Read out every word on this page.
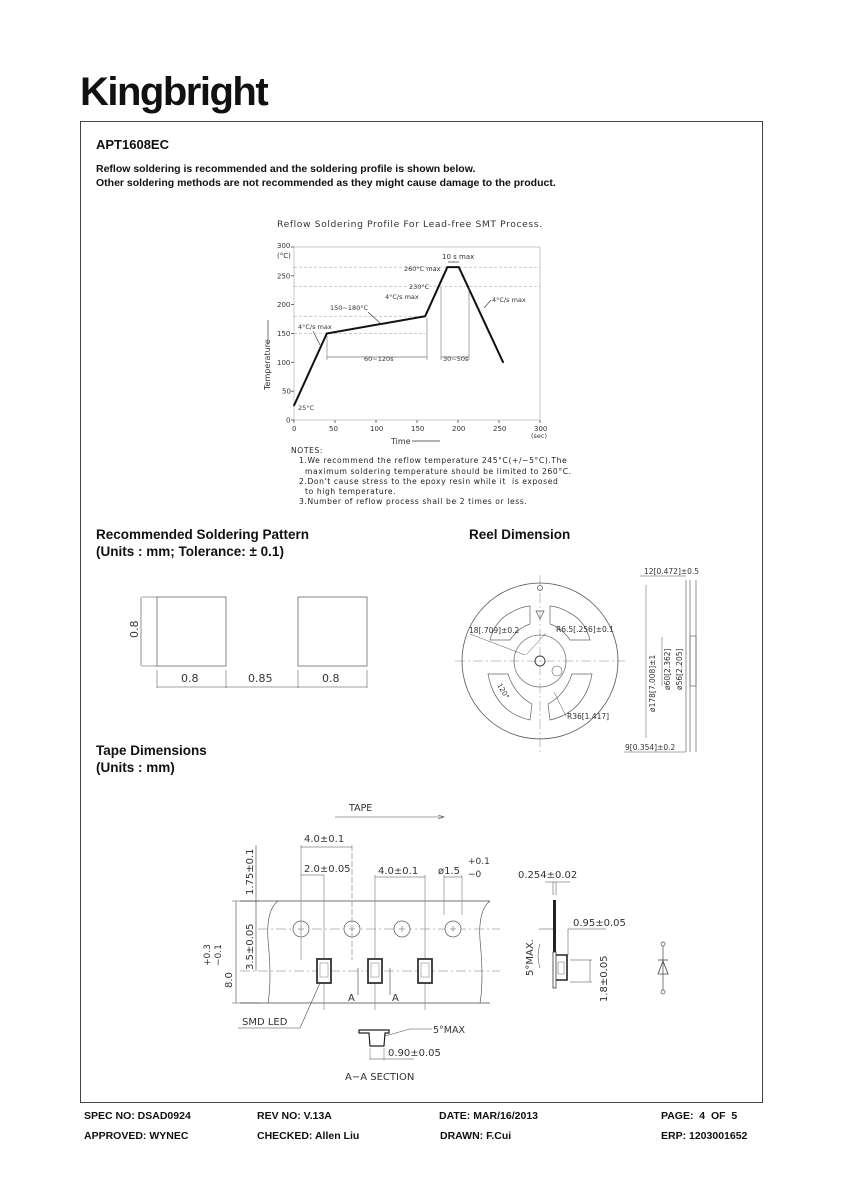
Kingbright
APT1608EC
Reflow soldering is recommended and the soldering profile is shown below.
Other soldering methods are not recommended as they might cause damage to the product.
Reflow Soldering Profile For Lead-free SMT Process.
0	50	100	150	200	250	300
0
50
100
150
200
250
300
(°C)
(sec)
Temperature
Time
10 s max
260°C max
230°C
4°C/s max
150~180°C
4°C/s max
4°C/s max
60~120s	30~50s
25°C
NOTES:
1.We recommend the reflow temperature 245°C(+/−5°C).The
maximum soldering temperature should be limited to 260°C.
2.Don't cause stress to the epoxy resin while it  is exposed
to high temperature.
3.Number of reflow process shall be 2 times or less.
Recommended Soldering Pattern
(Units : mm; Tolerance: ± 0.1)
0.8
0.8	0.85	0.8
Reel Dimension
18[.709]±0.2	R6.5[.256]±0.1
R36[1.417]
120°
12[0.472]±0.5
ø178[7.008]±1 ø60[2.362] ø56[2.205]
9[0.354]±0.2
Tape Dimensions
(Units : mm)
TAPE
4.0±0.1
2.0±0.05	4.0±0.1 ø1.5
+0.1
−0
1.75±0.1
3.5±0.05
8.0
+0.3 −0.1
A	A
SMD LED
5°MAX
0.90±0.05
A−A SECTION
0.254±0.02
0.95±0.05
1.8±0.05
5°MAX.
SPEC NO: DSAD0924	REV NO: V.13A	DATE: MAR/16/2013	PAGE:  4  OF  5
APPROVED: WYNEC	CHECKED: Allen Liu	DRAWN: F.Cui	ERP: 1203001652
